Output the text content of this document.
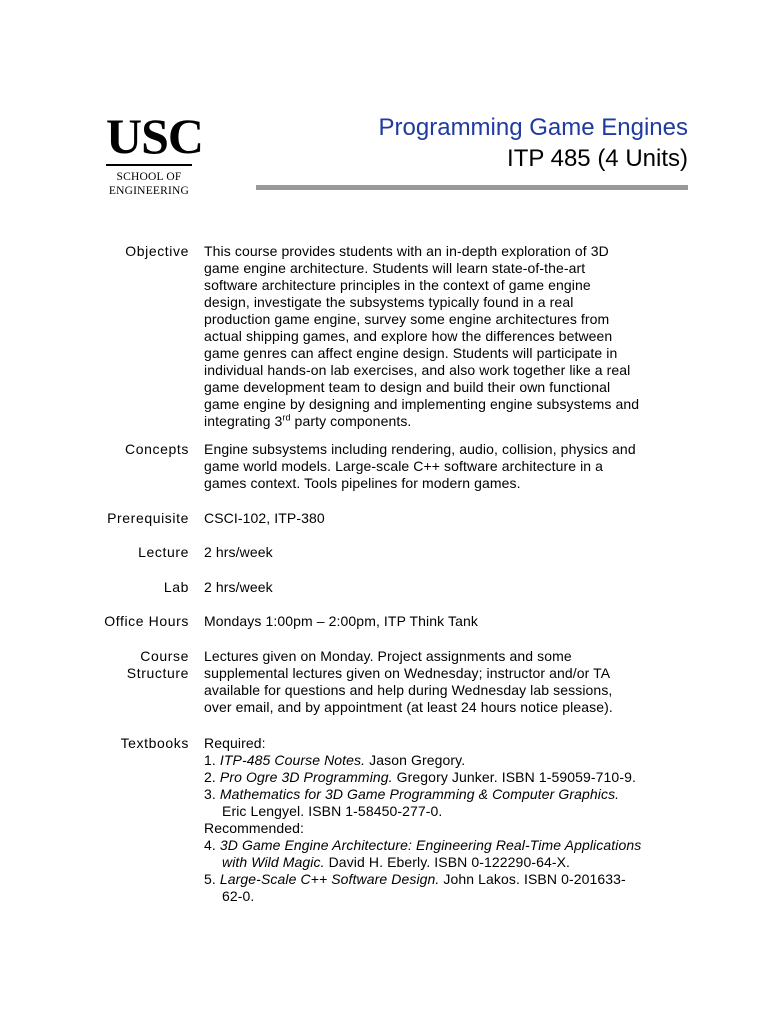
USC
SCHOOL OF
ENGINEERING
Programming Game Engines
ITP 485 (4 Units)
Objective This course provides students with an in-depth exploration of 3D

game engine architecture. Students will learn state-of-the-art

software architecture principles in the context of game engine

design, investigate the subsystems typically found in a real

production game engine, survey some engine architectures from

actual shipping games, and explore how the differences between

game genres can affect engine design. Students will participate in

individual hands-on lab exercises, and also work together like a real

game development team to design and build their own functional

game engine by designing and implementing engine subsystems and

integrating 3rd party components.

Concepts Engine subsystems including rendering, audio, collision, physics and

game world models. Large-scale C++ software architecture in a

games context. Tools pipelines for modern games.

Prerequisite CSCI-102, ITP-380
Lecture 2 hrs/week
Lab 2 hrs/week
Office Hours Mondays 1:00pm – 2:00pm, ITP Think Tank
Course
Structure

Lectures given on Monday. Project assignments and some

supplemental lectures given on Wednesday; instructor and/or TA

available for questions and help during Wednesday lab sessions,

over email, and by appointment (at least 24 hours notice please).

Textbooks Required:

1. ITP-485 Course Notes. Jason Gregory.

2. Pro Ogre 3D Programming. Gregory Junker. ISBN 1-59059-710-9.

3. Mathematics for 3D Game Programming & Computer Graphics.

Eric Lengyel. ISBN 1-58450-277-0.

Recommended:

4. 3D Game Engine Architecture: Engineering Real-Time Applications

with Wild Magic. David H. Eberly. ISBN 0-122290-64-X.

5. Large-Scale C++ Software Design. John Lakos. ISBN 0-201633-

62-0.
